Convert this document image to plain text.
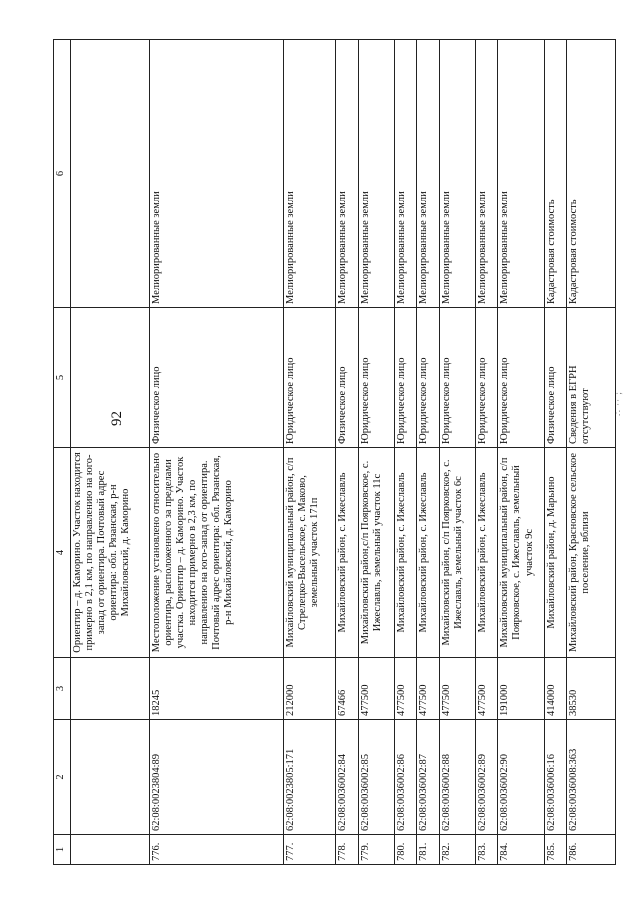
92
∴ ·· ;
1	2	3	4	5	6
			Ориентир – д. Каморино. Участок находится примерно в 2,1 км, по направлению на юго-запад от ориентира. Почтовый адрес ориентира: обл. Рязанская, р-н Михайловский, д. Каморино		
776.	62:08:0023804:89	18245	Местоположение установлено относительно ориентира, расположенного за пределами участка. Ориентир – д. Каморино. Участок находится примерно в 2,3 км, по направлению на юго-запад от ориентира. Почтовый адрес ориентира: обл. Рязанская, р-н Михайловский, д. Каморино	Физическое лицо	Мелиорированные земли
777.	62:08:0023805:171	212000	Михайловский муниципальный район, с/п Стрелецко-Высельское, с. Маково, земельный участок 171п	Юридическое лицо	Мелиорированные земли
778.	62:08:0036002:84	67466	Михайловский район, с. Ижеславль	Физическое лицо	Мелиорированные земли
779.	62:08:0036002:85	477500	Михайловский район,с/п Поярковское, с. Ижеславль, земельный участок 11с	Юридическое лицо	Мелиорированные земли
780.	62:08:0036002:86	477500	Михайловский район, с. Ижеславль	Юридическое лицо	Мелиорированные земли
781.	62:08:0036002:87	477500	Михайловский район, с. Ижеславль	Юридическое лицо	Мелиорированные земли
782.	62:08:0036002:88	477500	Михайловский район, с/п Поярковское, с. Ижеславль, земельный участок 6с	Юридическое лицо	Мелиорированные земли
783.	62:08:0036002:89	477500	Михайловский район, с. Ижеславль	Юридическое лицо	Мелиорированные земли
784.	62:08:0036002:90	191000	Михайловский муниципальный район, с/п Поярковское, с. Ижеславль, земельный участок 9с	Юридическое лицо	Мелиорированные земли
785.	62:08:0036006:16	414000	Михайловский район, д. Марьино	Физическое лицо	Кадастровая стоимость
786.	62:08:0036008:363	38530	Михайловский район, Красновское сельское поселение, вблизи	Сведения в ЕГРН отсутствуют	Кадастровая стоимость
